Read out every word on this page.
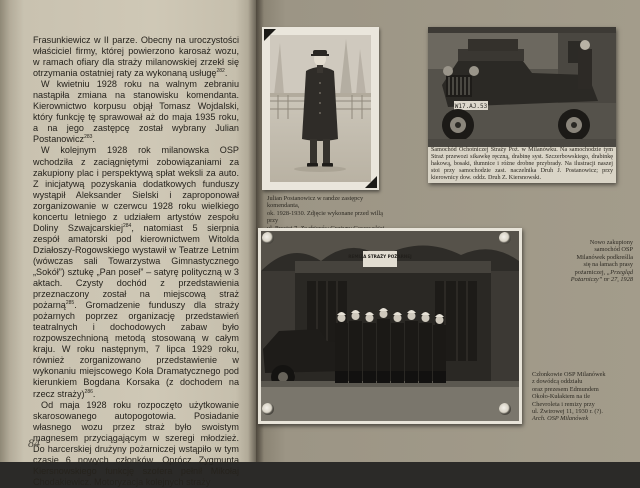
Frasunkiewicz w II parze. Obecny na uroczystości właściciel firmy, której powierzono karosaż wozu, w ramach ofiary dla straży milanowskiej zrzekł się otrzymania ostatniej raty za wykonaną usługę$^{282}$.

W kwietniu 1928 roku na walnym zebraniu nastąpiła zmiana na stanowisku komendanta. Kierownictwo korpusu objął Tomasz Wojdalski, który funkcję tę sprawował aż do maja 1935 roku, a na jego zastępcę został wybrany Julian Postanowicz$^{283}$.

W kolejnym 1928 rok milanowska OSP wchodziła z zaciągniętymi zobowiązaniami za zakupiony plac i perspektywą spłat weksli za auto. Z inicjatywą pozyskania dodatkowych funduszy wystąpił Aleksander Sielski i zaproponował zorganizowanie w czerwcu 1928 roku wielkiego koncertu letniego z udziałem artystów zespołu Doliny Szwajcarskiej$^{284}$, natomiast 5 sierpnia zespół amatorski pod kierownictwem Witolda Działoszy-Rogowskiego wystawił w Teatrze Letnim (wówczas sali Towarzystwa Gimnastycznego „Sokół”) sztukę „Pan poseł” – satyrę polityczną w 3 aktach. Czysty dochód z przedstawienia przeznaczony został na miejscową straż pożarną$^{285}$. Gromadzenie funduszy dla straży pożarnych poprzez organizację przedstawień teatralnych i dochodowych zabaw było rozpowszechnioną metodą stosowaną w całym kraju. W roku następnym, 7 lipca 1929 roku, również zorganizowano przedstawienie w wykonaniu miejscowego Koła Dramatycznego pod kierunkiem Bogdana Korsaka (z dochodem na rzecz straży)$^{286}$.

Od maja 1928 roku rozpoczęto użytkowanie skarosowanego autopogotowia. Posiadanie własnego wozu przez straż było swoistym magnesem przyciągającym w szeregi młodzież. Do harcerskiej drużyny pożarniczej wstąpiło w tym czasie 6 nowych członków. Oprócz Zygmunta Kiersnowskiego funkcję szofera pełnił Mikołaj Chodakiewicz. Motoryzacja kolejnych straży

84

Julian Postanowicz w randze zastępcy komendanta,
ok. 1928-1930. Zdjęcie wykonane przed willą przy

W17.AJ.53

Samochód Ochotniczej Straży Poż. w Milanówku. Na samochodzie tym Straż przewozi sikawkę ręczną, drabinę syst. Szczerbowskiego, drabinkę hakową, bosaki, tłumnice i różne drobne przybrady. Na ilustracji naszej stoi przy samochodzie zast. naczelnika Druh J. Postanowicz; przy kierownicy dow. oddz. Druh Z. Kiersnowski.

Nowo zakupiony
samochód OSP
Milanówek podkreślla
się na łamach prasy
pożarniczej, „Przegląd Pożarniczy” nr 27, 1928

REMIZA STRAŻY POŻARNEJ

Członkowie OSP Milanówek
z dowódcą oddziału
oraz prezesem Edmundem
Około-Kułakiem na tle
Chevroleta i remizy przy
ul. Żwirowej 11, 1930 r. (?).
Arch. OSP Milanówek
